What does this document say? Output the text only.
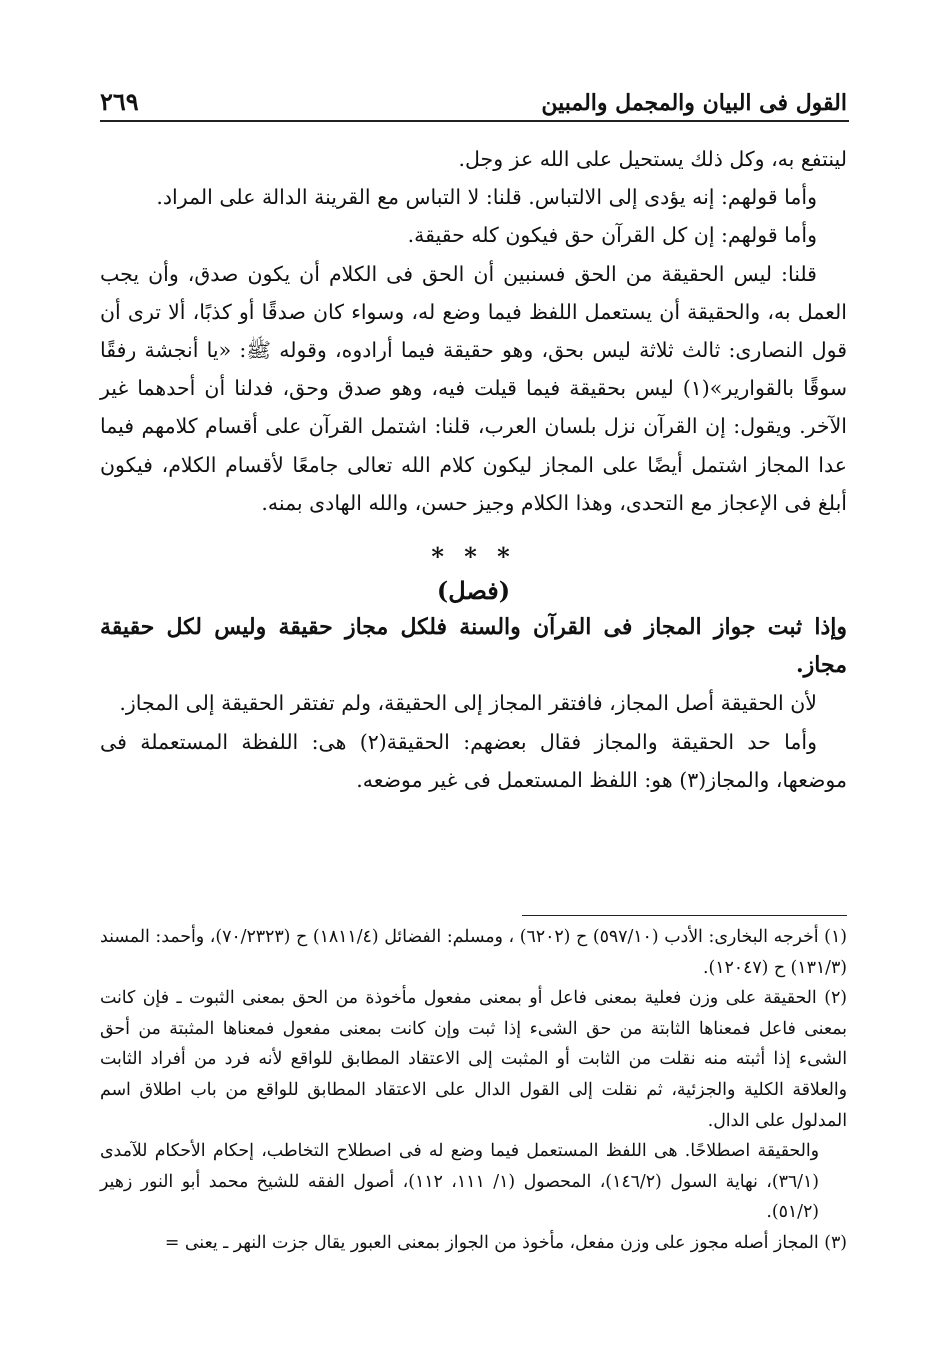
القول فى البيان والمجمل والمبين
٢٦٩

لينتفع به، وكل ذلك يستحيل على الله عز وجل.

وأما قولهم: إنه يؤدى إلى الالتباس. قلنا: لا التباس مع القرينة الدالة على المراد.

وأما قولهم: إن كل القرآن حق فيكون كله حقيقة.

قلنا: ليس الحقيقة من الحق فسنبين أن الحق فى الكلام أن يكون صدق، وأن يجب العمل به، والحقيقة أن يستعمل اللفظ فيما وضع له، وسواء كان صدقًا أو كذبًا، ألا ترى أن قول النصارى: ثالث ثلاثة ليس بحق، وهو حقيقة فيما أرادوه، وقوله ﷺ: «يا أنجشة رفقًا سوقًا بالقوارير»(١) ليس بحقيقة فيما قيلت فيه، وهو صدق وحق، فدلنا أن أحدهما غير الآخر. ويقول: إن القرآن نزل بلسان العرب، قلنا: اشتمل القرآن على أقسام كلامهم فيما عدا المجاز اشتمل أيضًا على المجاز ليكون كلام الله تعالى جامعًا لأقسام الكلام، فيكون أبلغ فى الإعجاز مع التحدى، وهذا الكلام وجيز حسن، والله الهادى بمنه.

* * *
(فصل)

وإذا ثبت جواز المجاز فى القرآن والسنة فلكل مجاز حقيقة وليس لكل حقيقة مجاز.

لأن الحقيقة أصل المجاز، فافتقر المجاز إلى الحقيقة، ولم تفتقر الحقيقة إلى المجاز.

وأما حد الحقيقة والمجاز فقال بعضهم: الحقيقة(٢) هى: اللفظة المستعملة فى موضعها، والمجاز(٣) هو: اللفظ المستعمل فى غير موضعه.

(١) أخرجه البخارى: الأدب (٥٩٧/١٠) ح (٦٢٠٢) ، ومسلم: الفضائل (١٨١١/٤) ح (٧٠/٢٣٢٣)، وأحمد: المسند (١٣١/٣) ح (١٢٠٤٧).

(٢) الحقيقة على وزن فعلية بمعنى فاعل أو بمعنى مفعول مأخوذة من الحق بمعنى الثبوت ـ فإن كانت بمعنى فاعل فمعناها الثابتة من حق الشىء إذا ثبت وإن كانت بمعنى مفعول فمعناها المثبتة من أحق الشىء إذا أثبته منه نقلت من الثابت أو المثبت إلى الاعتقاد المطابق للواقع لأنه فرد من أفراد الثابت والعلاقة الكلية والجزئية، ثم نقلت إلى القول الدال على الاعتقاد المطابق للواقع من باب اطلاق اسم المدلول على الدال.

والحقيقة اصطلاحًا. هى اللفظ المستعمل فيما وضع له فى اصطلاح التخاطب، إحكام الأحكام للآمدى (٣٦/١)، نهاية السول (١٤٦/٢)، المحصول (١/ ١١١، ١١٢)، أصول الفقه للشيخ محمد أبو النور زهير (٥١/٢).

(٣) المجاز أصله مجوز على وزن مفعل، مأخوذ من الجواز بمعنى العبور يقال جزت النهر ـ يعنى =
